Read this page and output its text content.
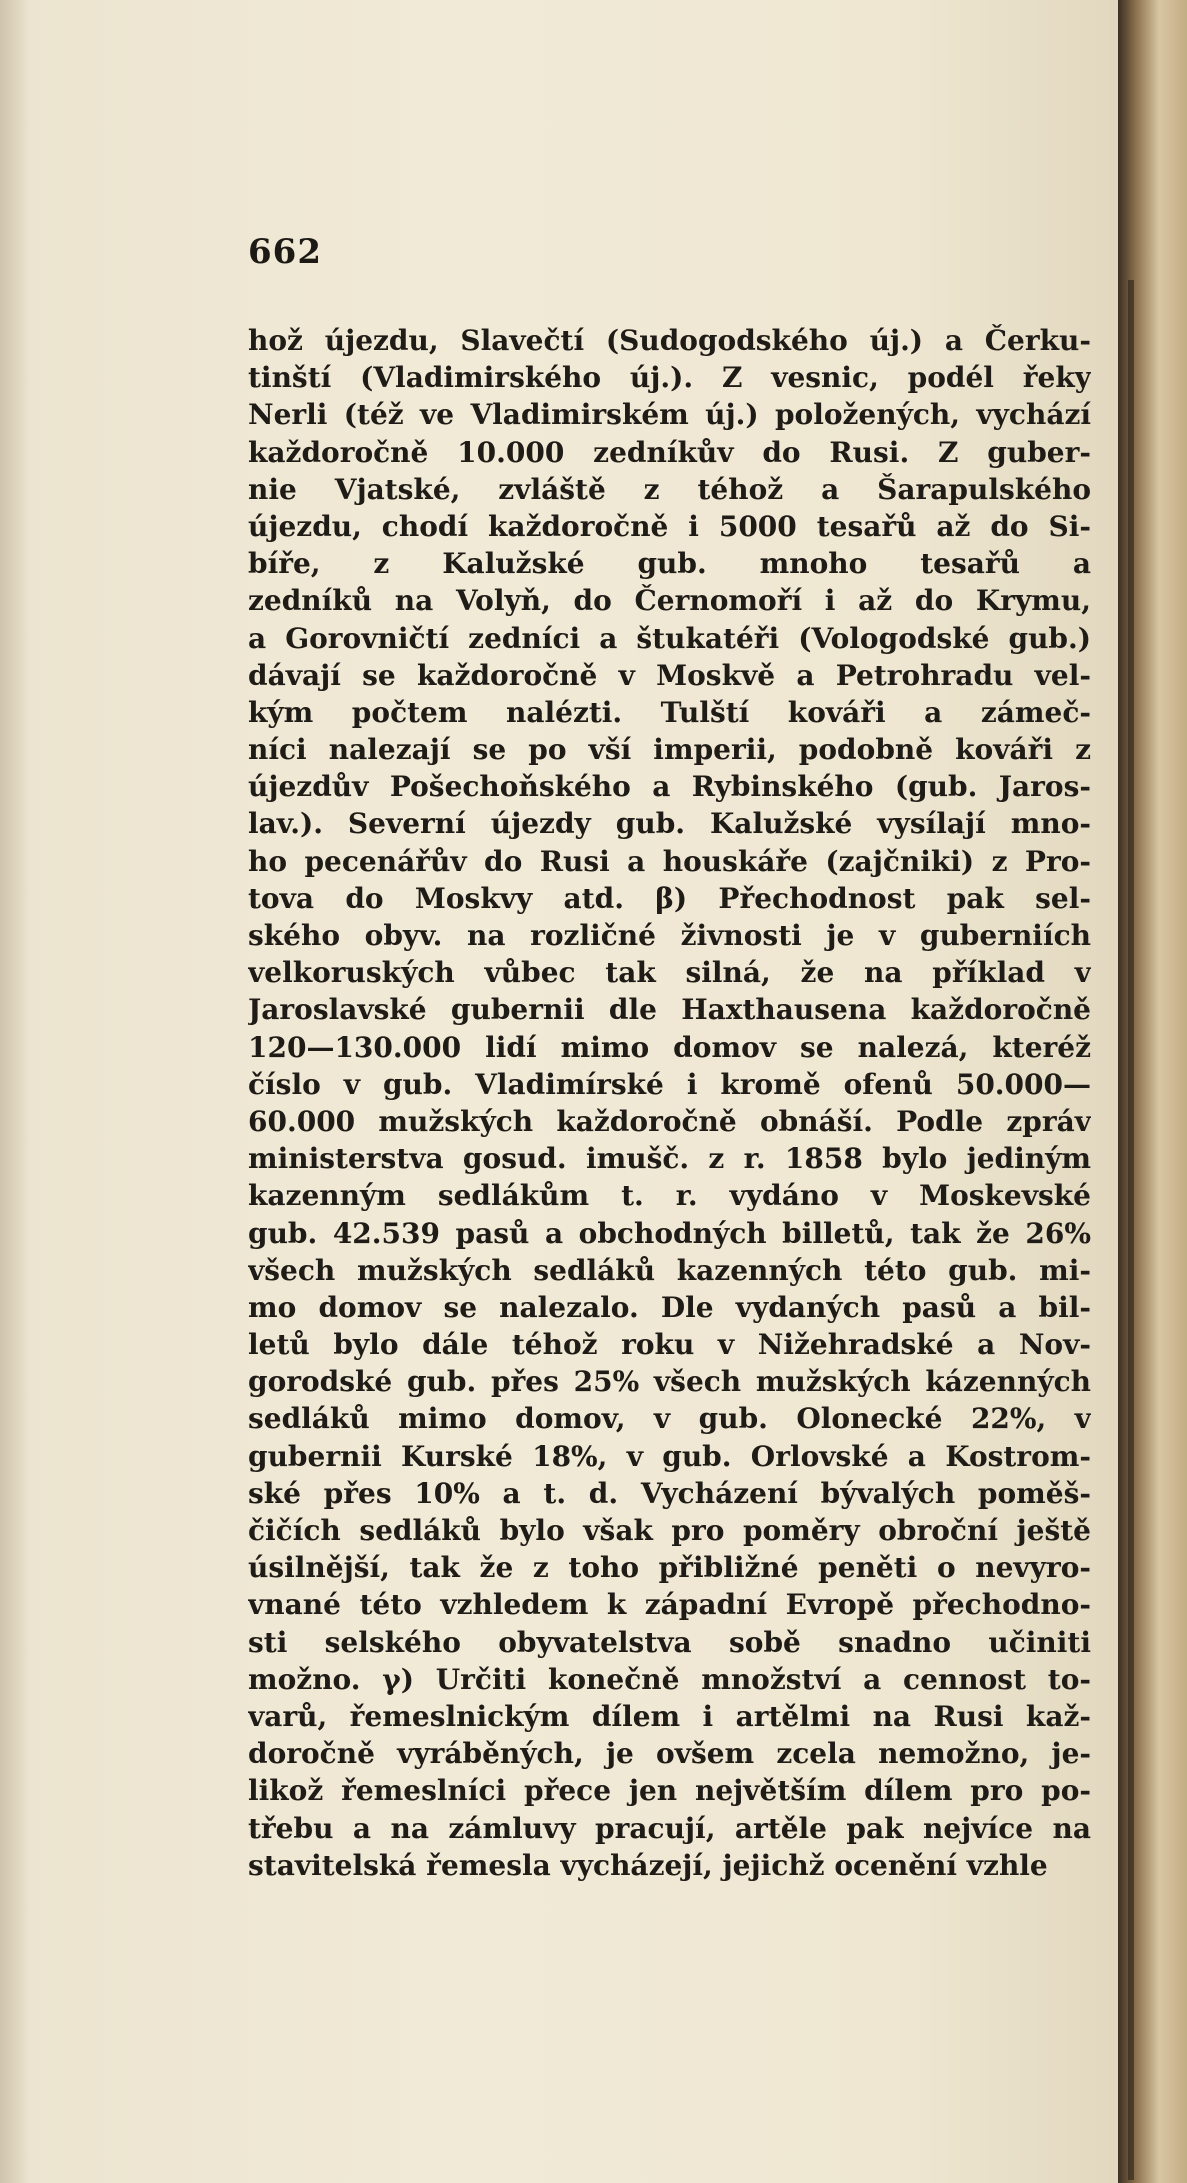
662
hož újezdu, Slavečtí (Sudogodského új.) a Čerku-
tinští (Vladimirského új.). Z vesnic, podél řeky
Nerli (též ve Vladimirském új.) položených, vychází
každoročně 10.000 zedníkův do Rusi. Z guber-
nie Vjatské, zvláště z téhož a Šarapulského
újezdu, chodí každoročně i 5000 tesařů až do Si-
bíře, z Kalužské gub. mnoho tesařů a
zedníků na Volyň, do Černomoří i až do Krymu,
a Gorovničtí zedníci a štukatéři (Vologodské gub.)
dávají se každoročně v Moskvě a Petrohradu vel-
kým počtem nalézti. Tulští kováři a zámeč-
níci nalezají se po vší imperii, podobně kováři z
újezdův Pošechoňského a Rybinského (gub. Jaros-
lav.). Severní újezdy gub. Kalužské vysílají mno-
ho pecenářův do Rusi a houskáře (zajčniki) z Pro-
tova do Moskvy atd. β) Přechodnost pak sel-
ského obyv. na rozličné živnosti je v guberniích
velkoruských vůbec tak silná, že na příklad v
Jaroslavské gubernii dle Haxthausena každoročně
120—130.000 lidí mimo domov se nalezá, kteréž
číslo v gub. Vladimírské i kromě ofenů 50.000—
60.000 mužských každoročně obnáší. Podle zpráv
ministerstva gosud. imušč. z r. 1858 bylo jediným
kazenným sedlákům t. r. vydáno v Moskevské
gub. 42.539 pasů a obchodných billetů, tak že 26%
všech mužských sedláků kazenných této gub. mi-
mo domov se nalezalo. Dle vydaných pasů a bil-
letů bylo dále téhož roku v Nižehradské a Nov-
gorodské gub. přes 25% všech mužských kázenných
sedláků mimo domov, v gub. Olonecké 22%, v
gubernii Kurské 18%, v gub. Orlovské a Kostrom-
ské přes 10% a t. d. Vycházení bývalých poměš-
čičích sedláků bylo však pro poměry obroční ještě
úsilnější, tak že z toho přibližné peněti o nevyro-
vnané této vzhledem k západní Evropě přechodno-
sti selského obyvatelstva sobě snadno učiniti
možno. γ) Určiti konečně množství a cennost to-
varů, řemeslnickým dílem i artělmi na Rusi kaž-
doročně vyráběných, je ovšem zcela nemožno, je-
likož řemeslníci přece jen největším dílem pro po-
třebu a na zámluvy pracují, artěle pak nejvíce na
stavitelská řemesla vycházejí, jejichž ocenění vzhle
